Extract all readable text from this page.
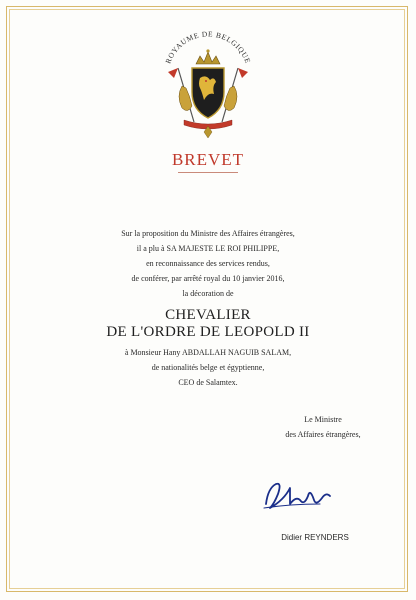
ROYAUME DE BELGIQUE
BREVET
Sur la proposition du Ministre des Affaires étrangères,
il a plu à SA MAJESTE LE ROI PHILIPPE,
en reconnaissance des services rendus,
de conférer, par arrêté royal du 10 janvier 2016,
la décoration de
CHEVALIER
DE L'ORDRE DE LEOPOLD II
à Monsieur Hany ABDALLAH NAGUIB SALAM,
de nationalités belge et égyptienne,
CEO de Salamtex.
Le Ministre
des Affaires étrangères,
Didier REYNDERS
